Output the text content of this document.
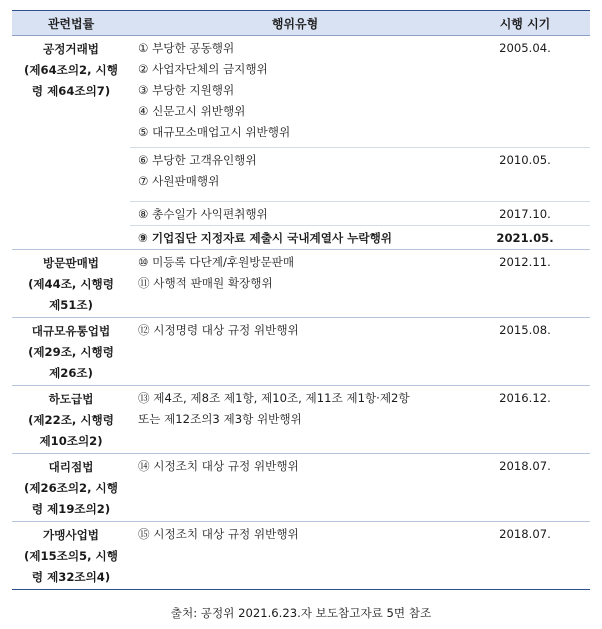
관련법률	행위유형	시행 시기

공정거래법
(제64조의2, 시행
령 제64조의7)	① 부당한 공동행위
② 사업자단체의 금지행위
③ 부당한 지원행위
④ 신문고시 위반행위
⑤ 대규모소매업고시 위반행위	2005.04.

	⑥ 부당한 고객유인행위
⑦ 사원판매행위	2010.05.

	⑧ 총수일가 사익편취행위	2017.10.

	⑨ 기업집단 지정자료 제출시 국내계열사 누락행위	2021.05.

방문판매법
(제44조, 시행령
제51조)	⑩ 미등록 다단계/후원방문판매
⑪ 사행적 판매원 확장행위	2012.11.

대규모유통업법
(제29조, 시행령
제26조)	⑫ 시정명령 대상 규정 위반행위	2015.08.

하도급법
(제22조, 시행령
제10조의2)	⑬ 제4조, 제8조 제1항, 제10조, 제11조 제1항·제2항
또는 제12조의3 제3항 위반행위	2016.12.

대리점법
(제26조의2, 시행
령 제19조의2)	⑭ 시정조치 대상 규정 위반행위	2018.07.

가맹사업법
(제15조의5, 시행
령 제32조의4)	⑮ 시정조치 대상 규정 위반행위	2018.07.
출처: 공정위 2021.6.23.자 보도참고자료 5면 참조
